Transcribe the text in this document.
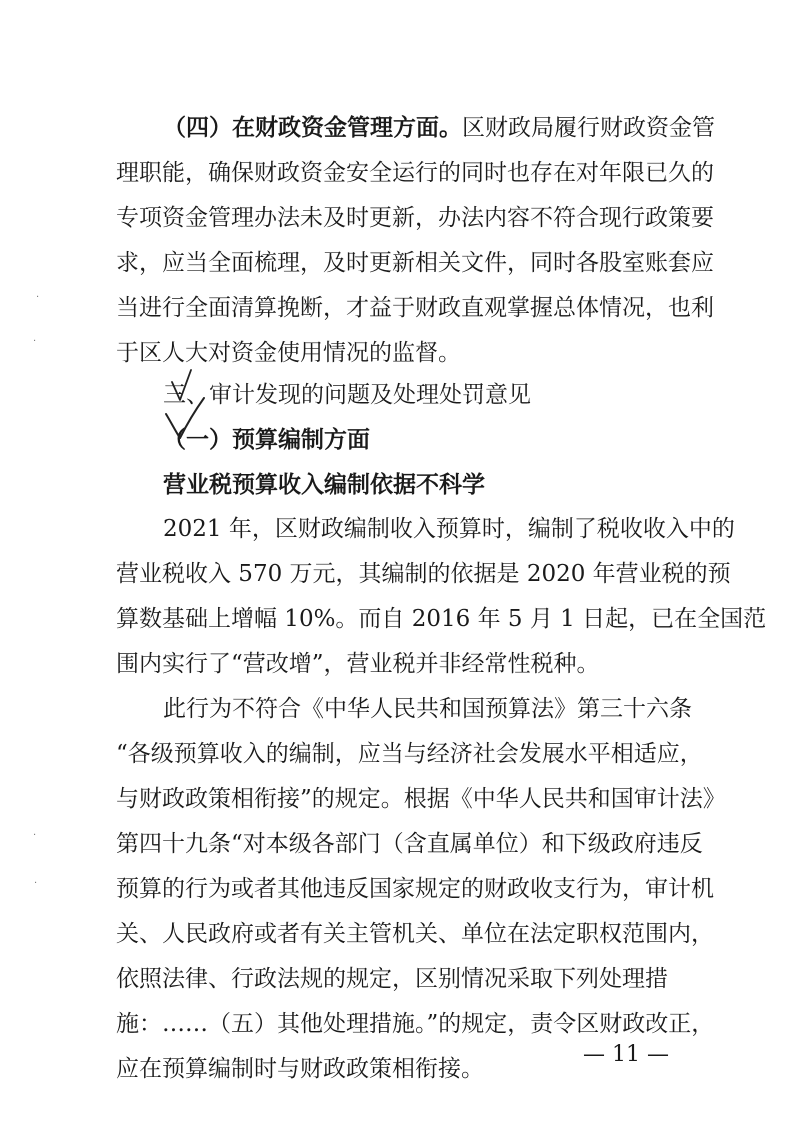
（四）在财政资金管理方面。区财政局履行财政资金管
理职能，确保财政资金安全运行的同时也存在对年限已久的
专项资金管理办法未及时更新，办法内容不符合现行政策要
求，应当全面梳理，及时更新相关文件，同时各股室账套应
当进行全面清算挽断，才益于财政直观掌握总体情况，也利
于区人大对资金使用情况的监督。
三、审计发现的问题及处理处罚意见
（一）预算编制方面
营业税预算收入编制依据不科学
2021 年，区财政编制收入预算时，编制了税收收入中的
营业税收入 570 万元，其编制的依据是 2020 年营业税的预
算数基础上增幅 10%。而自 2016 年 5 月 1 日起，已在全国范
围内实行了“营改增”，营业税并非经常性税种。
此行为不符合《中华人民共和国预算法》第三十六条
“各级预算收入的编制，应当与经济社会发展水平相适应，
与财政政策相衔接”的规定。根据《中华人民共和国审计法》
第四十九条“对本级各部门（含直属单位）和下级政府违反
预算的行为或者其他违反国家规定的财政收支行为，审计机
关、人民政府或者有关主管机关、单位在法定职权范围内，
依照法律、行政法规的规定，区别情况采取下列处理措
施：……（五）其他处理措施。”的规定，责令区财政改正，
应在预算编制时与财政政策相衔接。
— 11 —
·
·
·
·
